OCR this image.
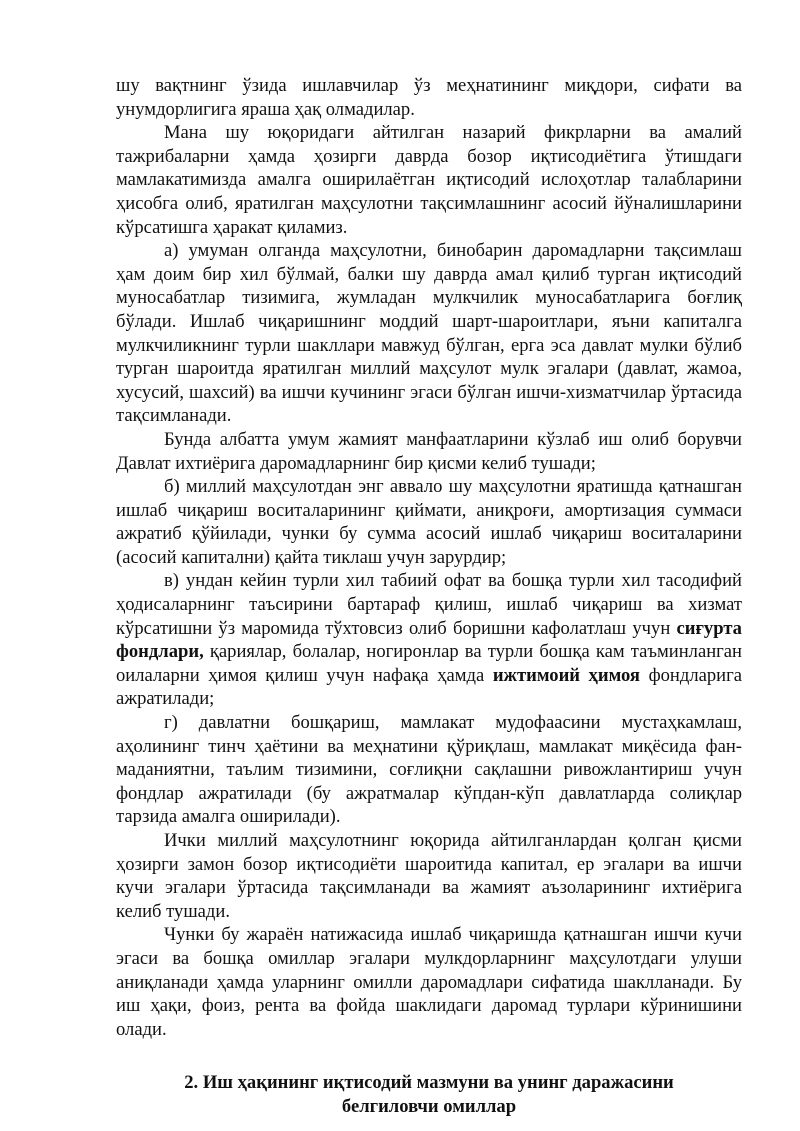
шу вақтнинг ўзида ишлавчилар ўз меҳнатининг миқдори, сифати ва унумдорлигига яраша ҳақ олмадилар.

Мана шу юқоридаги айтилган назарий фикрларни ва амалий тажрибаларни ҳамда ҳозирги даврда бозор иқтисодиётига ўтишдаги мамлакатимизда амалга оширилаётган иқтисодий ислоҳотлар талабларини ҳисобга олиб, яратилган маҳсулотни тақсимлашнинг асосий йўналишларини кўрсатишга ҳаракат қиламиз.

а) умуман олганда маҳсулотни, бинобарин даромадларни тақсимлаш ҳам доим бир хил бўлмай, балки шу даврда амал қилиб турган иқтисодий муносабатлар тизимига, жумладан мулкчилик муносабатларига боғлиқ бўлади. Ишлаб чиқаришнинг моддий шарт-шароитлари, яъни капиталга мулкчиликнинг турли шакллари мавжуд бўлган, ерга эса давлат мулки бўлиб турган шароитда яратилган миллий маҳсулот мулк эгалари (давлат, жамоа, хусусий, шахсий) ва ишчи кучининг эгаси бўлган ишчи-хизматчилар ўртасида тақсимланади.

Бунда албатта умум жамият манфаатларини кўзлаб иш олиб борувчи Давлат ихтиёрига даромадларнинг бир қисми келиб тушади;

б) миллий маҳсулотдан энг аввало шу маҳсулотни яратишда қатнашган ишлаб чиқариш воситаларининг қиймати, аниқроғи, амортизация суммаси ажратиб қўйилади, чунки бу сумма асосий ишлаб чиқариш воситаларини (асосий капитални) қайта тиклаш учун зарурдир;

в) ундан кейин турли хил табиий офат ва бошқа турли хил тасодифий ҳодисаларнинг таъсирини бартараф қилиш, ишлаб чиқариш ва хизмат кўрсатишни ўз маромида тўхтовсиз олиб боришни кафолатлаш учун сиғурта фондлари, қариялар, болалар, ногиронлар ва турли бошқа кам таъминланган оилаларни ҳимоя қилиш учун нафақа ҳамда ижтимоий ҳимоя фондларига ажратилади;

г) давлатни бошқариш, мамлакат мудофаасини мустаҳкамлаш, аҳолининг тинч ҳаётини ва меҳнатини қўриқлаш, мамлакат миқёсида фан-маданиятни, таълим тизимини, соғлиқни сақлашни ривожлантириш учун фондлар ажратилади (бу ажратмалар кўпдан-кўп давлатларда солиқлар тарзида амалга оширилади).

Ички миллий маҳсулотнинг юқорида айтилганлардан қолган қисми ҳозирги замон бозор иқтисодиёти шароитида капитал, ер эгалари ва ишчи кучи эгалари ўртасида тақсимланади ва жамият аъзоларининг ихтиёрига келиб тушади.

Чунки бу жараён натижасида ишлаб чиқаришда қатнашган ишчи кучи эгаси ва бошқа омиллар эгалари мулкдорларнинг маҳсулотдаги улуши аниқланади ҳамда уларнинг омилли даромадлари сифатида шаклланади. Бу иш ҳақи, фоиз, рента ва фойда шаклидаги даромад турлари кўринишини олади.

2. Иш ҳақининг иқтисодий мазмуни ва унинг даражасини
белгиловчи омиллар
